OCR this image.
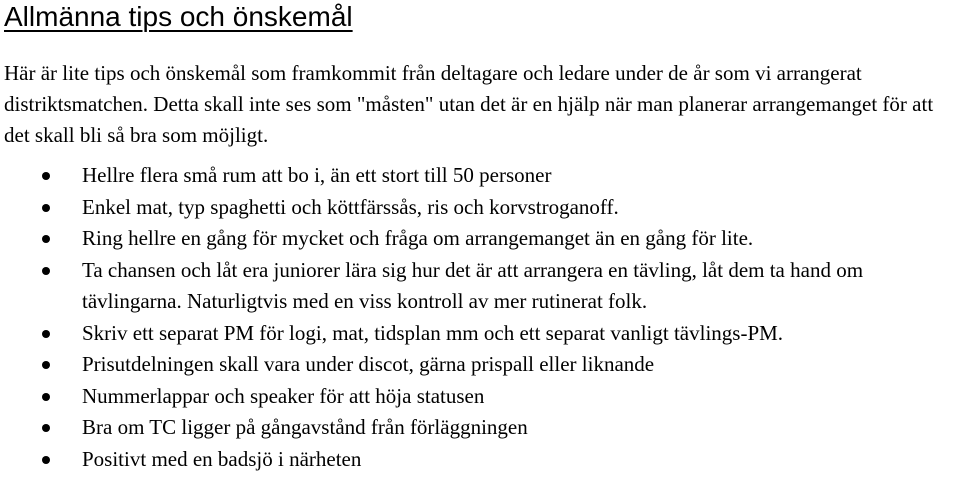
Allmänna tips och önskemål

Här är lite tips och önskemål som framkommit från deltagare och ledare under de år som vi arrangerat distriktsmatchen. Detta skall inte ses som "måsten" utan det är en hjälp när man planerar arrangemanget för att det skall bli så bra som möjligt.

Hellre flera små rum att bo i, än ett stort till 50 personer
Enkel mat, typ spaghetti och köttfärssås, ris och korvstroganoff.
Ring hellre en gång för mycket och fråga om arrangemanget än en gång för lite.
Ta chansen och låt era juniorer lära sig hur det är att arrangera en tävling, låt dem ta hand om tävlingarna. Naturligtvis med en viss kontroll av mer rutinerat folk.
Skriv ett separat PM för logi, mat, tidsplan mm och ett separat vanligt tävlings-PM.
Prisutdelningen skall vara under discot, gärna prispall eller liknande
Nummerlappar och speaker för att höja statusen
Bra om TC ligger på gångavstånd från förläggningen
Positivt med en badsjö i närheten
